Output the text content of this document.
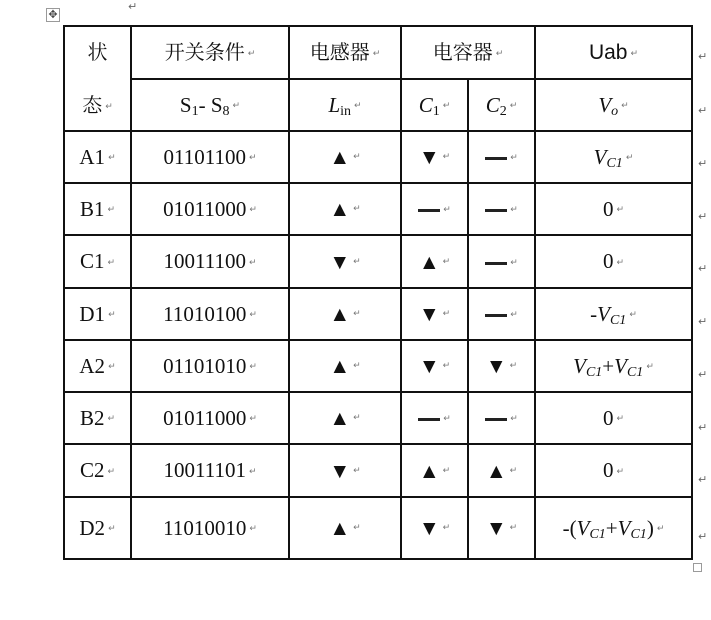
✥
↵
状
态 ↵	开关条件 ↵	电感器 ↵	电容器 ↵		Uab ↵
	$S_1-$ $S_8$ ↵	$L_{in}$ ↵	$C_1$ ↵	$C_2$ ↵	$V_o$ ↵
A1 ↵	01101100 ↵	▲ ↵	▼ ↵	↵	$V_{C1}$ ↵
B1 ↵	01011000 ↵	▲ ↵	↵	↵	0 ↵
C1 ↵	10011100 ↵	▼ ↵	▲ ↵	↵	0 ↵
D1 ↵	11010100 ↵	▲ ↵	▼ ↵	↵	$-V_{C1}$ ↵
A2 ↵	01101010 ↵	▲ ↵	▼ ↵	▼ ↵	$V_{C1}+V_{C1}$ ↵
B2 ↵	01011000 ↵	▲ ↵	↵	↵	0 ↵
C2 ↵	10011101 ↵	▼ ↵	▲ ↵	▲ ↵	0 ↵
D2 ↵	11010010 ↵	▲ ↵	▼ ↵	▼ ↵	$-(V_{C1}+V_{C1})$ ↵
↵
↵
↵
↵
↵
↵
↵
↵
↵
↵
